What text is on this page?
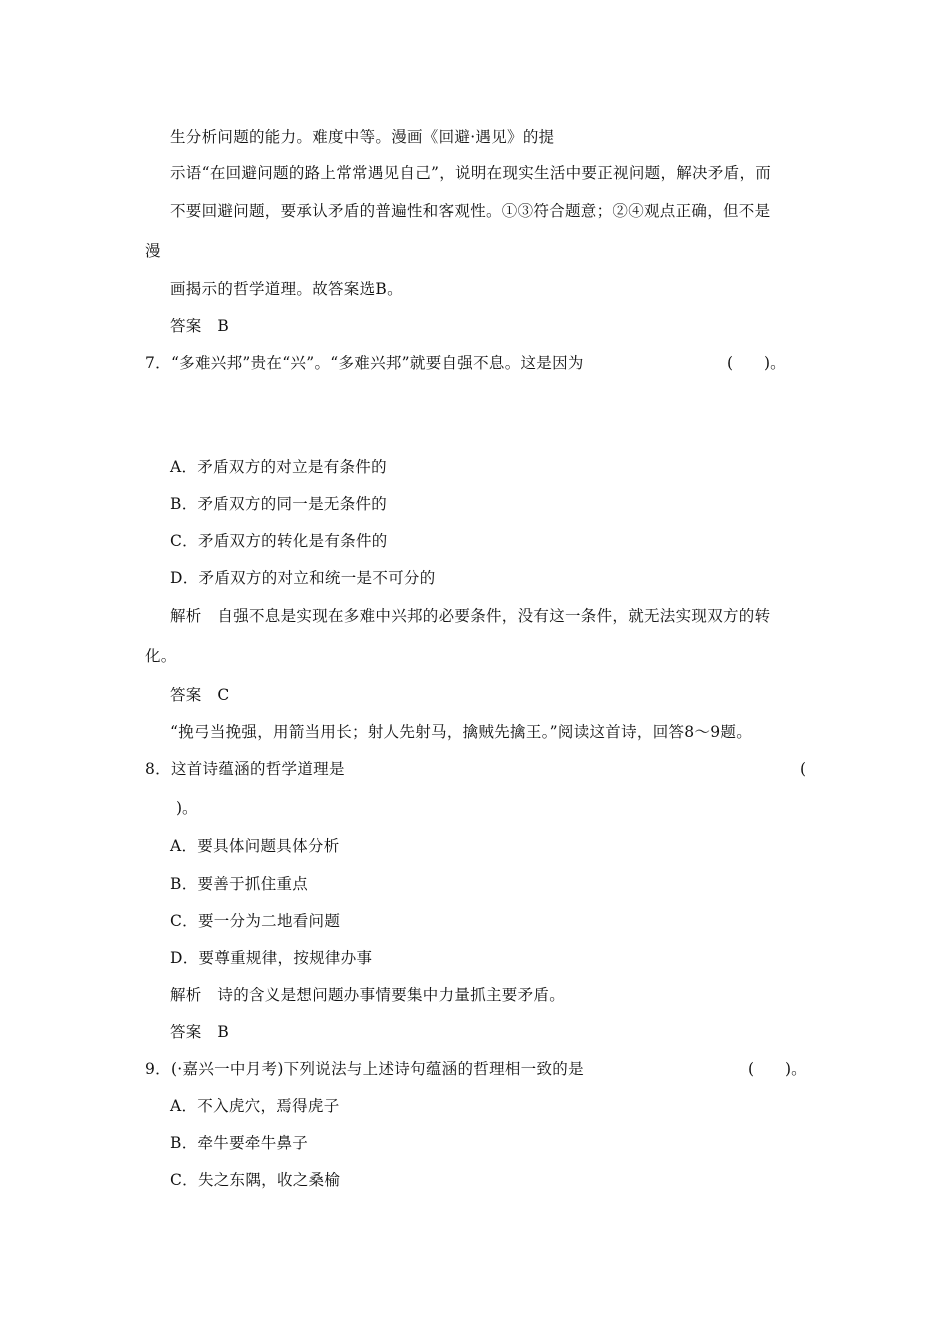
生分析问题的能力。难度中等。漫画《回避·遇见》的提
示语“在回避问题的路上常常遇见自己”，说明在现实生活中要正视问题，解决矛盾，而
不要回避问题，要承认矛盾的普遍性和客观性。①③符合题意；②④观点正确，但不是
漫
画揭示的哲学道理。故答案选B。
答案　B
7．“多难兴邦”贵在“兴”。“多难兴邦”就要自强不息。这是因为	(　　)。
A．矛盾双方的对立是有条件的
B．矛盾双方的同一是无条件的
C．矛盾双方的转化是有条件的
D．矛盾双方的对立和统一是不可分的
解析　自强不息是实现在多难中兴邦的必要条件，没有这一条件，就无法实现双方的转
化。
答案　C
“挽弓当挽强，用箭当用长；射人先射马，擒贼先擒王。”阅读这首诗，回答8～9题。
8．这首诗蕴涵的哲学道理是	(
)。
A．要具体问题具体分析
B．要善于抓住重点
C．要一分为二地看问题
D．要尊重规律，按规律办事
解析　诗的含义是想问题办事情要集中力量抓主要矛盾。
答案　B
9．(·嘉兴一中月考)下列说法与上述诗句蕴涵的哲理相一致的是	(　　)。
A．不入虎穴，焉得虎子
B．牵牛要牵牛鼻子
C．失之东隅，收之桑榆
